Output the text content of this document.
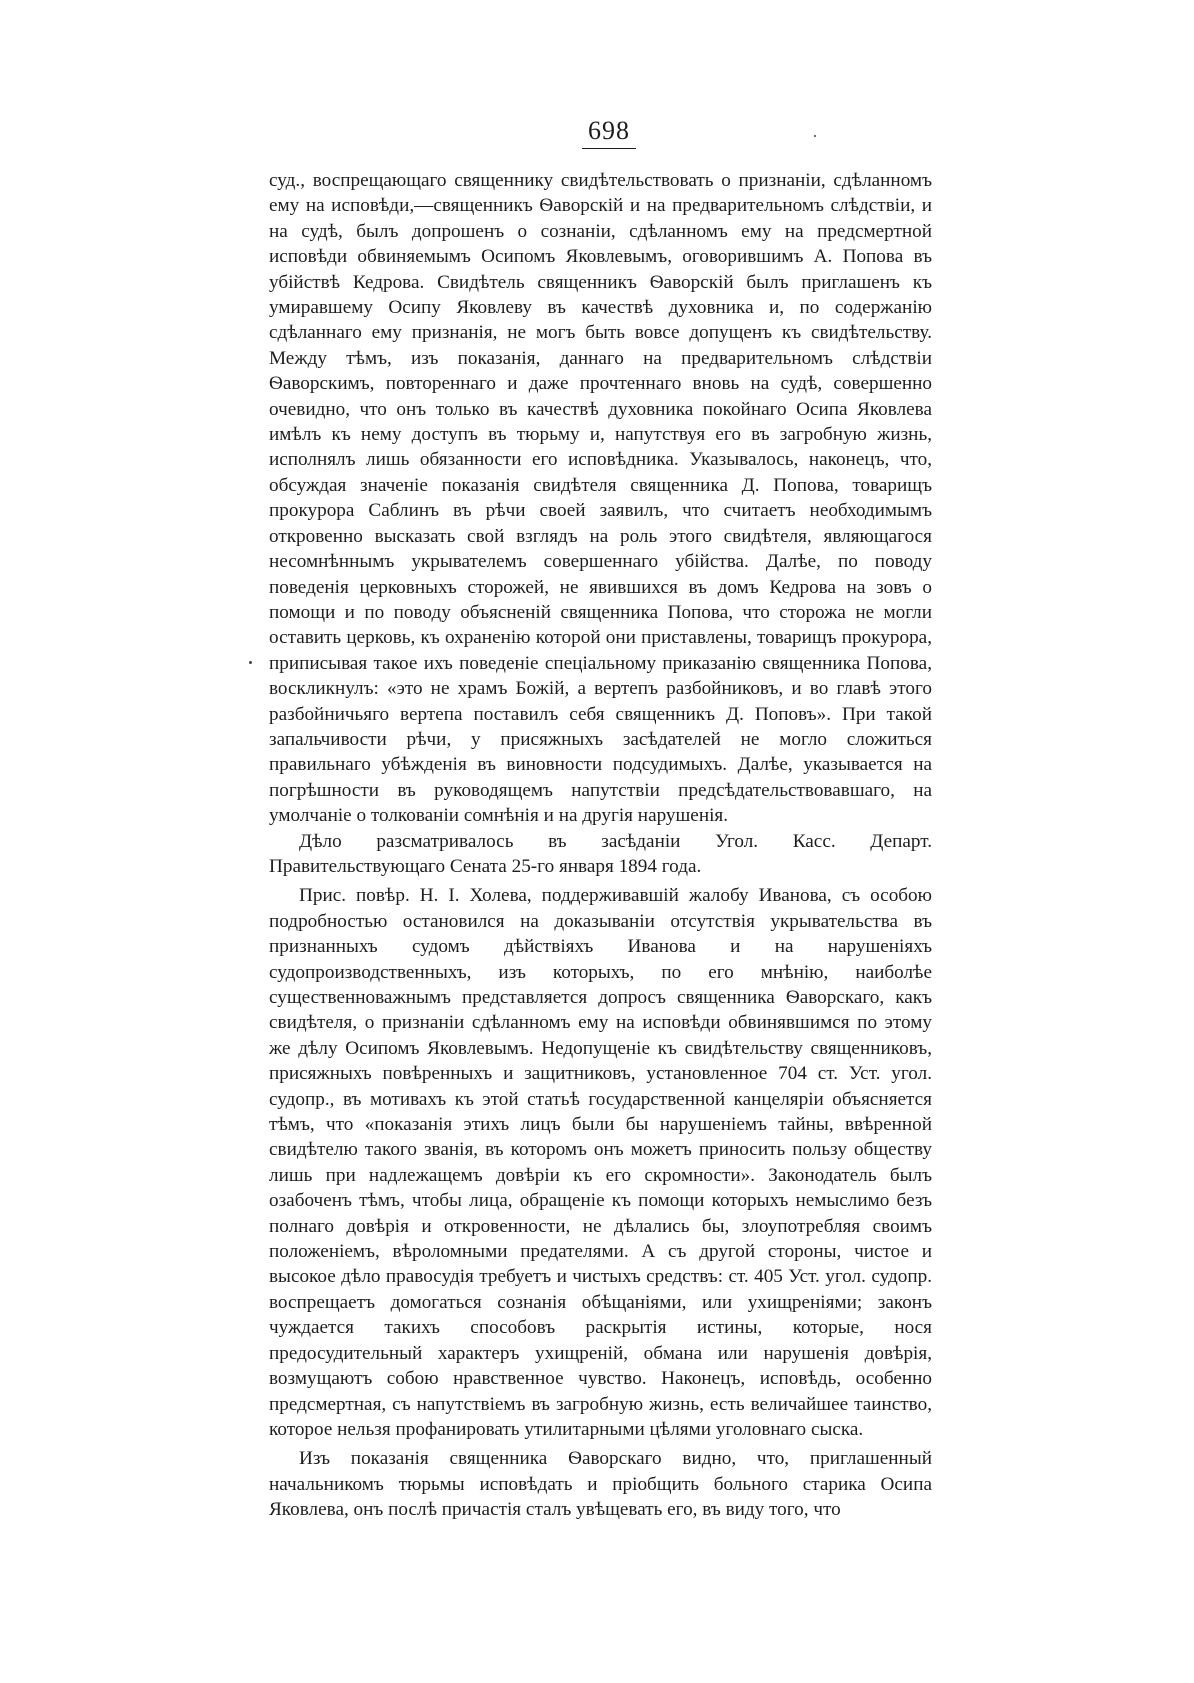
698

суд., воспрещающаго священнику свидѣтельствовать о признаніи, сдѣланномъ ему на исповѣди,—священникъ Ѳаворскій и на предварительномъ слѣдствіи, и на судѣ, былъ допрошенъ о сознаніи, сдѣланномъ ему на предсмертной исповѣди обвиняемымъ Осипомъ Яковлевымъ, оговорившимъ А. Попова въ убійствѣ Кедрова. Свидѣтель священникъ Ѳаворскій былъ приглашенъ къ умиравшему Осипу Яковлеву въ качествѣ духовника и, по содержанію сдѣланнаго ему признанія, не могъ быть вовсе допущенъ къ свидѣтельству. Между тѣмъ, изъ показанія, даннаго на предварительномъ слѣдствіи Ѳаворскимъ, повтореннаго и даже прочтеннаго вновь на судѣ, совершенно очевидно, что онъ только въ качествѣ духовника покойнаго Осипа Яковлева имѣлъ къ нему доступъ въ тюрьму и, напутствуя его въ загробную жизнь, исполнялъ лишь обязанности его исповѣдника. Указывалось, наконецъ, что, обсуждая значеніе показанія свидѣтеля священника Д. Попова, товарищъ прокурора Саблинъ въ рѣчи своей заявилъ, что считаетъ необходимымъ откровенно высказать свой взглядъ на роль этого свидѣтеля, являющагося несомнѣннымъ укрывателемъ совершеннаго убійства. Далѣе, по поводу поведенія церковныхъ сторожей, не явившихся въ домъ Кедрова на зовъ о помощи и по поводу объясненій священника Попова, что сторожа не могли оставить церковь, къ охраненію которой они приставлены, товарищъ прокурора, приписывая такое ихъ поведеніе спеціальному приказанію священника Попова, воскликнулъ: «это не храмъ Божій, а вертепъ разбойниковъ, и во главѣ этого разбойничьяго вертепа поставилъ себя священникъ Д. Поповъ». При такой запальчивости рѣчи, у присяжныхъ засѣдателей не могло сложиться правильнаго убѣжденія въ виновности подсудимыхъ. Далѣе, указывается на погрѣшности въ руководящемъ напутствіи предсѣдательствовавшаго, на умолчаніе о толкованіи сомнѣнія и на другія нарушенія.

Дѣло разсматривалось въ засѣданіи Угол. Касс. Департ. Правительствующаго Сената 25-го января 1894 года.

Прис. повѣр. Н. I. Холева, поддерживавшій жалобу Иванова, съ особою подробностью остановился на доказываніи отсутствія укрывательства въ признанныхъ судомъ дѣйствіяхъ Иванова и на нарушеніяхъ судопроизводственныхъ, изъ которыхъ, по его мнѣнію, наиболѣе существенноважнымъ представляется допросъ священника Ѳаворскаго, какъ свидѣтеля, о признаніи сдѣланномъ ему на исповѣди обвинявшимся по этому же дѣлу Осипомъ Яковлевымъ. Недопущеніе къ свидѣтельству священниковъ, присяжныхъ повѣренныхъ и защитниковъ, установленное 704 ст. Уст. угол. судопр., въ мотивахъ къ этой статьѣ государственной канцеляріи объясняется тѣмъ, что «показанія этихъ лицъ были бы нарушеніемъ тайны, ввѣренной свидѣтелю такого званія, въ которомъ онъ можетъ приносить пользу обществу лишь при надлежащемъ довѣріи къ его скромности». Законодатель былъ озабоченъ тѣмъ, чтобы лица, обращеніе къ помощи которыхъ немыслимо безъ полнаго довѣрія и откровенности, не дѣлались бы, злоупотребляя своимъ положеніемъ, вѣроломными предателями. А съ другой стороны, чистое и высокое дѣло правосудія требуетъ и чистыхъ средствъ: ст. 405 Уст. угол. судопр. воспрещаетъ домогаться сознанія обѣщаніями, или ухищреніями; законъ чуждается такихъ способовъ раскрытія истины, которые, нося предосудительный характеръ ухищреній, обмана или нарушенія довѣрія, возмущаютъ собою нравственное чувство. Наконецъ, исповѣдь, особенно предсмертная, съ напутствіемъ въ загробную жизнь, есть величайшее таинство, которое нельзя профанировать утилитарными цѣлями уголовнаго сыска.

Изъ показанія священника Ѳаворскаго видно, что, приглашенный начальникомъ тюрьмы исповѣдать и пріобщить больного старика Осипа Яковлева, онъ послѣ причастія сталъ увѣщевать его, въ виду того, что
